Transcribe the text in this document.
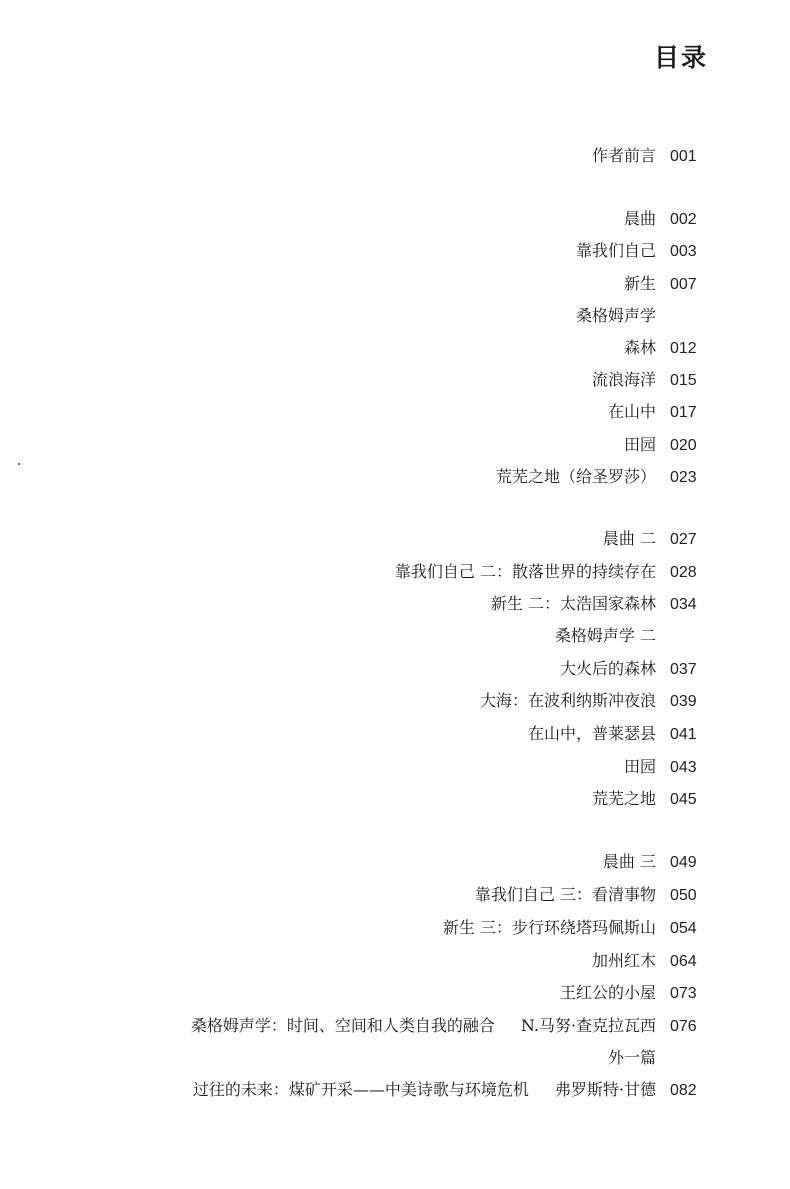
目录
作者前言 001
晨曲 002
靠我们自己 003
新生 007
桑格姆声学
森林 012
流浪海洋 015
在山中 017
田园 020
荒芜之地（给圣罗莎） 023
晨曲 二 027
靠我们自己 二：散落世界的持续存在 028
新生 二：太浩国家森林 034
桑格姆声学 二
大火后的森林 037
大海：在波利纳斯冲夜浪 039
在山中，普莱瑟县 041
田园 043
荒芜之地 045
晨曲 三 049
靠我们自己 三：看清事物 050
新生 三：步行环绕塔玛佩斯山 054
加州红木 064
王红公的小屋 073
桑格姆声学：时间、空间和人类自我的融合 N.马努·查克拉瓦西 076
外一篇
过往的未来：煤矿开采——中美诗歌与环境危机 弗罗斯特·甘德 082
